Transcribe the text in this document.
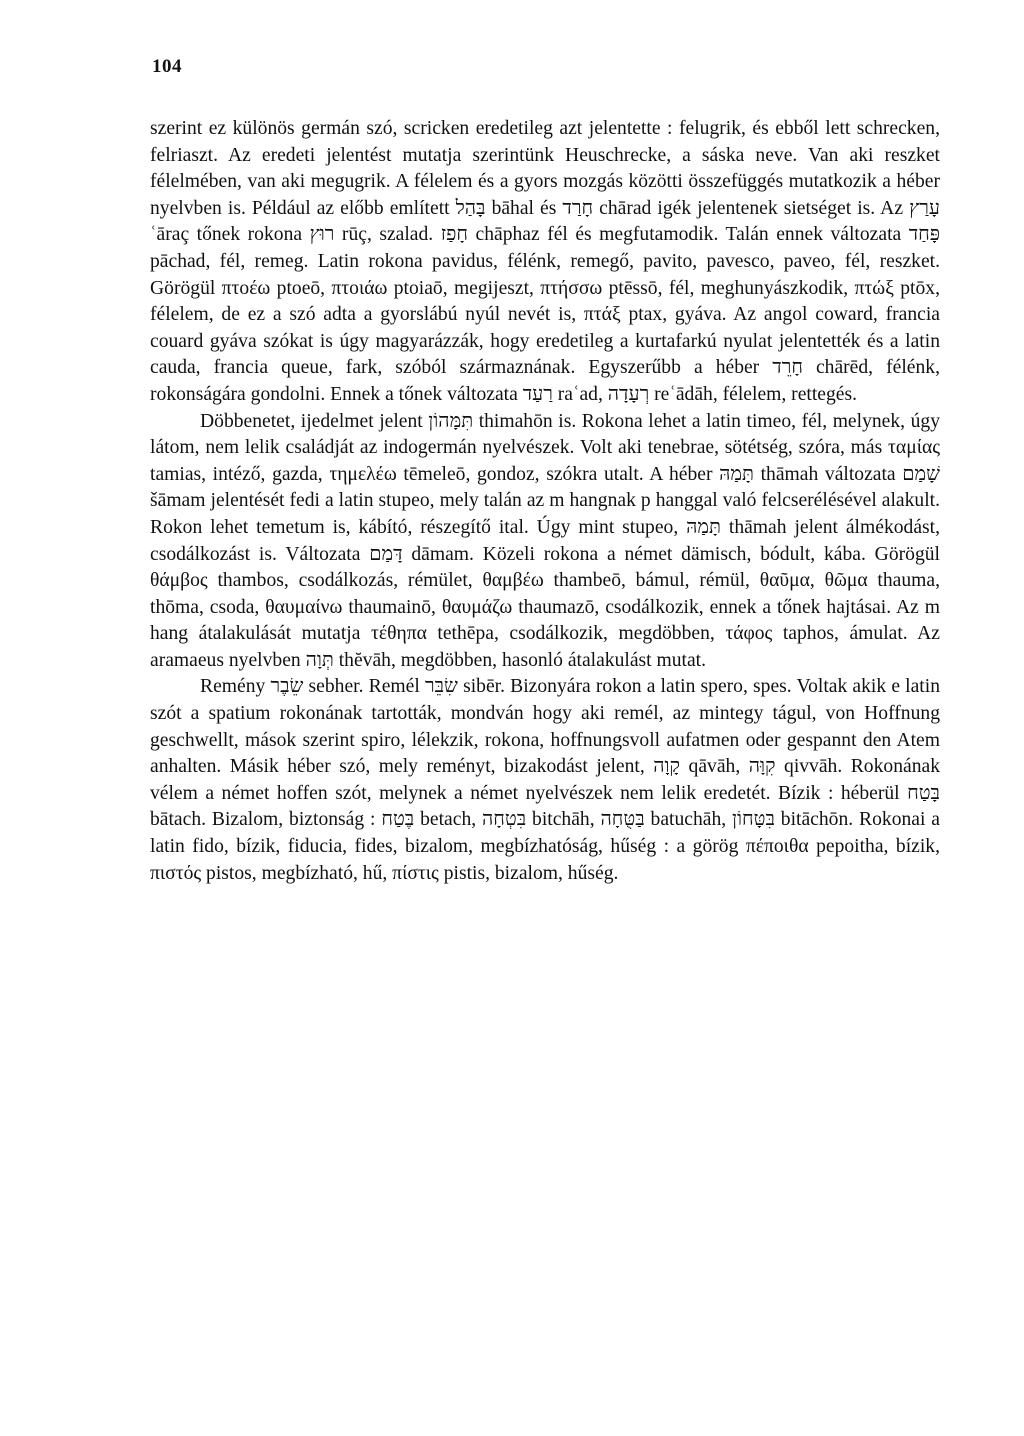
104

szerint ez különös germán szó, scricken eredetileg azt jelentette : felugrik, és ebből lett schrecken, felriaszt. Az eredeti jelentést mutatja szerintünk Heuschrecke, a sáska neve. Van aki reszket félelmében, van aki megugrik. A félelem és a gyors mozgás közötti összefüggés mutatkozik a héber nyelvben is. Például az előbb említett בָּהַל bāhal és חָרַד chārad igék jelentenek sietséget is. Az עָרַץ ʿāraç tőnek rokona רוּץ rūç, szalad. חָפַז chāphaz fél és megfutamodik. Talán ennek változata פָּחַד pāchad, fél, remeg. Latin rokona pavidus, félénk, remegő, pavito, pavesco, paveo, fél, reszket. Görögül πτοέω ptoeō, πτοιάω ptoiaō, megijeszt, πτήσσω ptēssō, fél, meghunyászkodik, πτώξ ptōx, félelem, de ez a szó adta a gyorslábú nyúl nevét is, πτάξ ptax, gyáva. Az angol coward, francia couard gyáva szókat is úgy magyarázzák, hogy eredetileg a kurtafarkú nyulat jelentették és a latin cauda, francia queue, fark, szóból származnának. Egyszerűbb a héber חָרֵד chārēd, félénk, rokonságára gondolni. Ennek a tőnek változata רַעַד raʿad, רְעָדָה reʿādāh, félelem, rettegés.

Döbbenetet, ijedelmet jelent תִּמָּהוֹן thimahōn is. Rokona lehet a latin timeo, fél, melynek, úgy látom, nem lelik családját az indogermán nyelvészek. Volt aki tenebrae, sötétség, szóra, más ταμίας tamias, intéző, gazda, τημελέω tēmeleō, gondoz, szókra utalt. A héber תָּמַהּ thāmah változata שָׁמַם šāmam jelentését fedi a latin stupeo, mely talán az m hangnak p hanggal való felcserélésével alakult. Rokon lehet temetum is, kábító, részegítő ital. Úgy mint stupeo, תָּמַהּ thāmah jelent álmékodást, csodálkozást is. Változata דָּמַם dāmam. Közeli rokona a német dämisch, bódult, kába. Görögül θάμβος thambos, csodálkozás, rémület, θαμβέω thambeō, bámul, rémül, θαῦμα, θῶμα thauma, thōma, csoda, θαυμαίνω thaumainō, θαυμάζω thaumazō, csodálkozik, ennek a tőnek hajtásai. Az m hang átalakulását mutatja τέθηπα tethēpa, csodálkozik, megdöbben, τάφος taphos, ámulat. Az aramaeus nyelvben תְּוָה thĕvāh, megdöbben, hasonló átalakulást mutat.

Remény שֵׂבֶר sebher. Remél שִׂבֵּר sibēr. Bizonyára rokon a latin spero, spes. Voltak akik e latin szót a spatium rokonának tartották, mondván hogy aki remél, az mintegy tágul, von Hoffnung geschwellt, mások szerint spiro, lélekzik, rokona, hoffnungsvoll aufatmen oder gespannt den Atem anhalten. Másik héber szó, mely reményt, bizakodást jelent, קָוָה qāvāh, קִוָּה qivvāh. Rokonának vélem a német hoffen szót, melynek a német nyelvészek nem lelik eredetét. Bízik : héberül בָּטַח bātach. Bizalom, biztonság : בֶּטַח betach, בִּטְחָה bitchāh, בַּטֻּחָה batuchāh, בִּטָּחוֹן bitāchōn. Rokonai a latin fido, bízik, fiducia, fides, bizalom, megbízhatóság, hűség : a görög πέποιθα pepoitha, bízik, πιστός pistos, megbízható, hű, πίστις pistis, bizalom, hűség.
